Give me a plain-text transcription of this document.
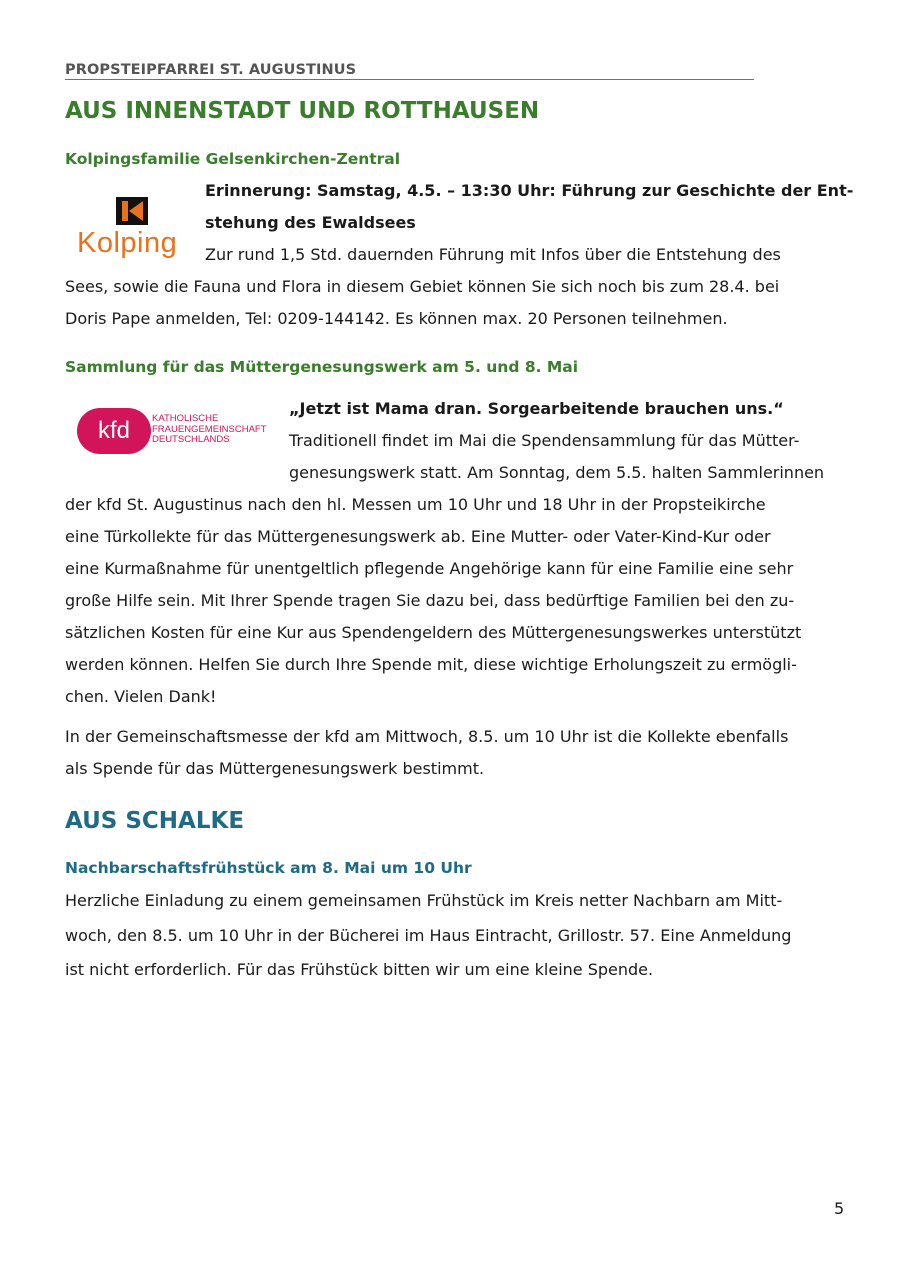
PROPSTEIPFARREI ST. AUGUSTINUS
AUS INNENSTADT UND ROTTHAUSEN
Kolpingsfamilie Gelsenkirchen-Zentral
Kolping
Erinnerung: Samstag, 4.5. – 13:30 Uhr: Führung zur Geschichte der Ent-
stehung des Ewaldsees
Zur rund 1,5 Std. dauernden Führung mit Infos über die Entstehung des
Sees, sowie die Fauna und Flora in diesem Gebiet können Sie sich noch bis zum 28.4. bei
Doris Pape anmelden, Tel: 0209-144142. Es können max. 20 Personen teilnehmen.
Sammlung für das Müttergenesungswerk am 5. und 8. Mai
kfd	KATHOLISCHE
FRAUENGEMEINSCHAFT
DEUTSCHLANDS
„Jetzt ist Mama dran. Sorgearbeitende brauchen uns.“
Traditionell findet im Mai die Spendensammlung für das Mütter-
genesungswerk statt. Am Sonntag, dem 5.5. halten Sammlerinnen
der kfd St. Augustinus nach den hl. Messen um 10 Uhr und 18 Uhr in der Propsteikirche
eine Türkollekte für das Müttergenesungswerk ab. Eine Mutter- oder Vater-Kind-Kur oder
eine Kurmaßnahme für unentgeltlich pflegende Angehörige kann für eine Familie eine sehr
große Hilfe sein. Mit Ihrer Spende tragen Sie dazu bei, dass bedürftige Familien bei den zu-
sätzlichen Kosten für eine Kur aus Spendengeldern des Müttergenesungswerkes unterstützt
werden können. Helfen Sie durch Ihre Spende mit, diese wichtige Erholungszeit zu ermögli-
chen. Vielen Dank!
In der Gemeinschaftsmesse der kfd am Mittwoch, 8.5. um 10 Uhr ist die Kollekte ebenfalls
als Spende für das Müttergenesungswerk bestimmt.
AUS SCHALKE
Nachbarschaftsfrühstück am 8. Mai um 10 Uhr
Herzliche Einladung zu einem gemeinsamen Frühstück im Kreis netter Nachbarn am Mitt-
woch, den 8.5. um 10 Uhr in der Bücherei im Haus Eintracht, Grillostr. 57. Eine Anmeldung
ist nicht erforderlich. Für das Frühstück bitten wir um eine kleine Spende.
5
